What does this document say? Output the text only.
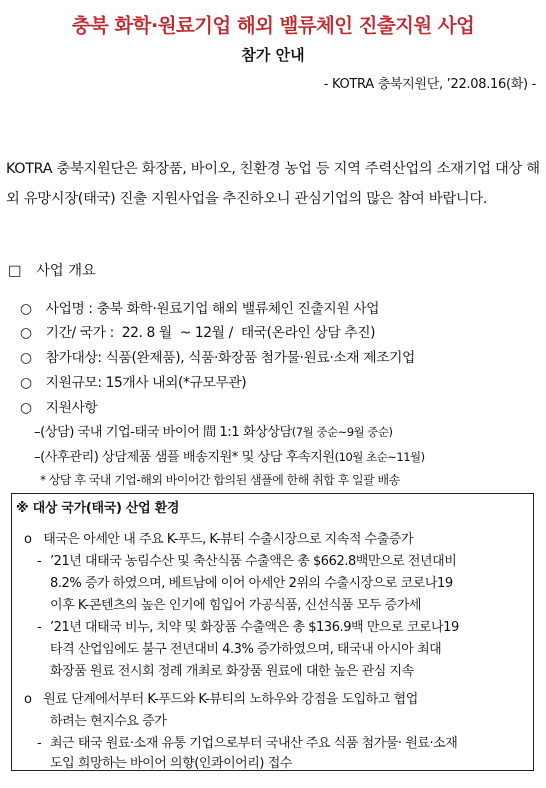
충북 화학·원료기업 해외 밸류체인 진출지원 사업
참가 안내
- KOTRA 충북지원단, ’22.08.16(화) -
KOTRA 충북지원단은 화장품, 바이오, 친환경 농업 등 지역 주력산업의 소재기업 대상 해외 유망시장(태국) 진출 지원사업을 추진하오니 관심기업의 많은 참여 바랍니다.
□ 사업 개요
○ 사업명 : 충북 화학·원료기업 해외 밸류체인 진출지원 사업
○ 기간/ 국가 :  22. 8 월  ~ 12월 /  태국(온라인 상담 추진)
○ 참가대상: 식품(완제품), 식품·화장품 첨가물·원료·소재 제조기업
○ 지원규모: 15개사 내외(*규모무관)
○ 지원사항
–(상담) 국내 기업-태국 바이어 間 1:1 화상상담(7월 중순~9월 중순)
–(사후관리) 상담제품 샘플 배송지원* 및 상담 후속지원(10월 초순~11월)
* 상담 후 국내 기업-해외 바이어간 합의된 샘플에 한해 취합 후 일괄 배송
※ 대상 국가(태국) 산업 환경
ο 태국은 아세안 내 주요 K-푸드, K-뷰티 수출시장으로 지속적 수출증가
- ’21년 대태국 농림수산 및 축산식품 수출액은 총 $662.8백만으로 전년대비
8.2% 증가 하였으며, 베트남에 이어 아세안 2위의 수출시장으로 코로나19
이후 K-콘텐츠의 높은 인기에 힘입어 가공식품, 신선식품 모두 증가세
- ’21년 대태국 비누, 치약 및 화장품 수출액은 총 $136.9백 만으로 코로나19
타격 산업임에도 불구 전년대비 4.3% 증가하였으며, 태국내 아시아 최대
화장품 원료 전시회 정례 개최로 화장품 원료에 대한 높은 관심 지속
ο 원료 단계에서부터 K-푸드와 K-뷰티의 노하우와 강점을 도입하고 협업
하려는 현지수요 증가
- 최근 태국 원료·소재 유통 기업으로부터 국내산 주요 식품 첨가물· 원료·소재
도입 희망하는 바이어 의향(인콰이어리) 접수
